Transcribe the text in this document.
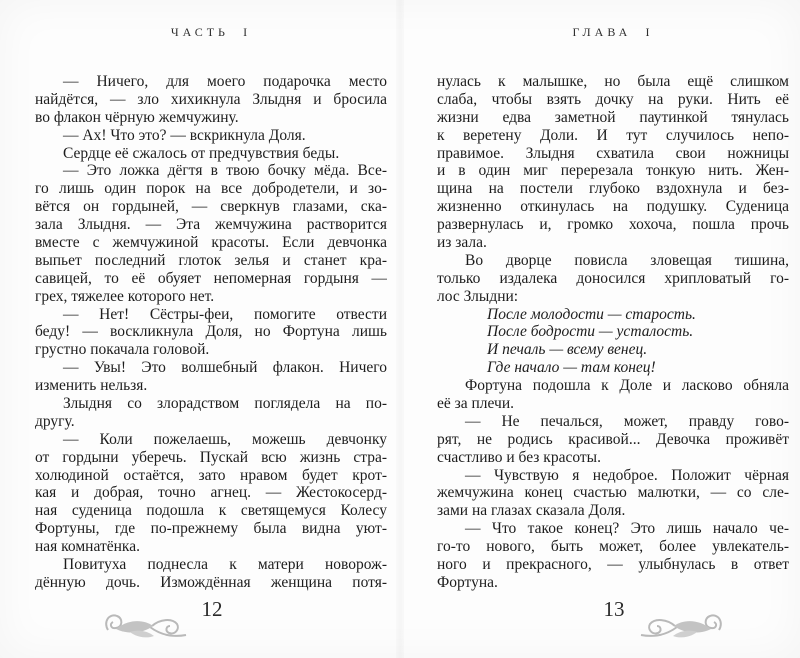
часть i
— Ничего, для моего подарочка место
найдётся, — зло хихикнула Злыдня и бросила
во флакон чёрную жемчужину.
— Ах! Что это? — вскрикнула Доля.
Сердце её сжалось от предчувствия беды.
— Это ложка дёгтя в твою бочку мёда. Все-
го лишь один порок на все добродетели, и зо-
вётся он гордыней, — сверкнув глазами, ска-
зала Злыдня. — Эта жемчужина растворится
вместе с жемчужиной красоты. Если девчонка
выпьет последний глоток зелья и станет кра-
савицей, то её обуяет непомерная гордыня —
грех, тяжелее которого нет.
— Нет! Сёстры-феи, помогите отвести
беду! — воскликнула Доля, но Фортуна лишь
грустно покачала головой.
— Увы! Это волшебный флакон. Ничего
изменить нельзя.
Злыдня со злорадством поглядела на по-
другу.
— Коли пожелаешь, можешь девчонку
от гордыни уберечь. Пускай всю жизнь стра-
холюдиной остаётся, зато нравом будет крот-
кая и добрая, точно агнец. — Жестокосерд-
ная суденица подошла к светящемуся Колесу
Фортуны, где по-прежнему была видна уют-
ная комнатёнка.
Повитуха поднесла к матери новорож-
дённую дочь. Измождённая женщина потя-
12
глава i
нулась к малышке, но была ещё слишком
слаба, чтобы взять дочку на руки. Нить её
жизни едва заметной паутинкой тянулась
к веретену Доли. И тут случилось непо-
правимое. Злыдня схватила свои ножницы
и в один миг перерезала тонкую нить. Жен-
щина на постели глубоко вздохнула и без-
жизненно откинулась на подушку. Суденица
развернулась и, громко хохоча, пошла прочь
из зала.
Во дворце повисла зловещая тишина,
только издалека доносился хрипловатый го-
лос Злыдни:
После молодости — старость.
После бодрости — усталость.
И печаль — всему венец.
Где начало — там конец!
Фортуна подошла к Доле и ласково обняла
её за плечи.
— Не печалься, может, правду гово-
рят, не родись красивой... Девочка проживёт
счастливо и без красоты.
— Чувствую я недоброе. Положит чёрная
жемчужина конец счастью малютки, — со сле-
зами на глазах сказала Доля.
— Что такое конец? Это лишь начало че-
го-то нового, быть может, более увлекатель-
ного и прекрасного, — улыбнулась в ответ
Фортуна.
13
